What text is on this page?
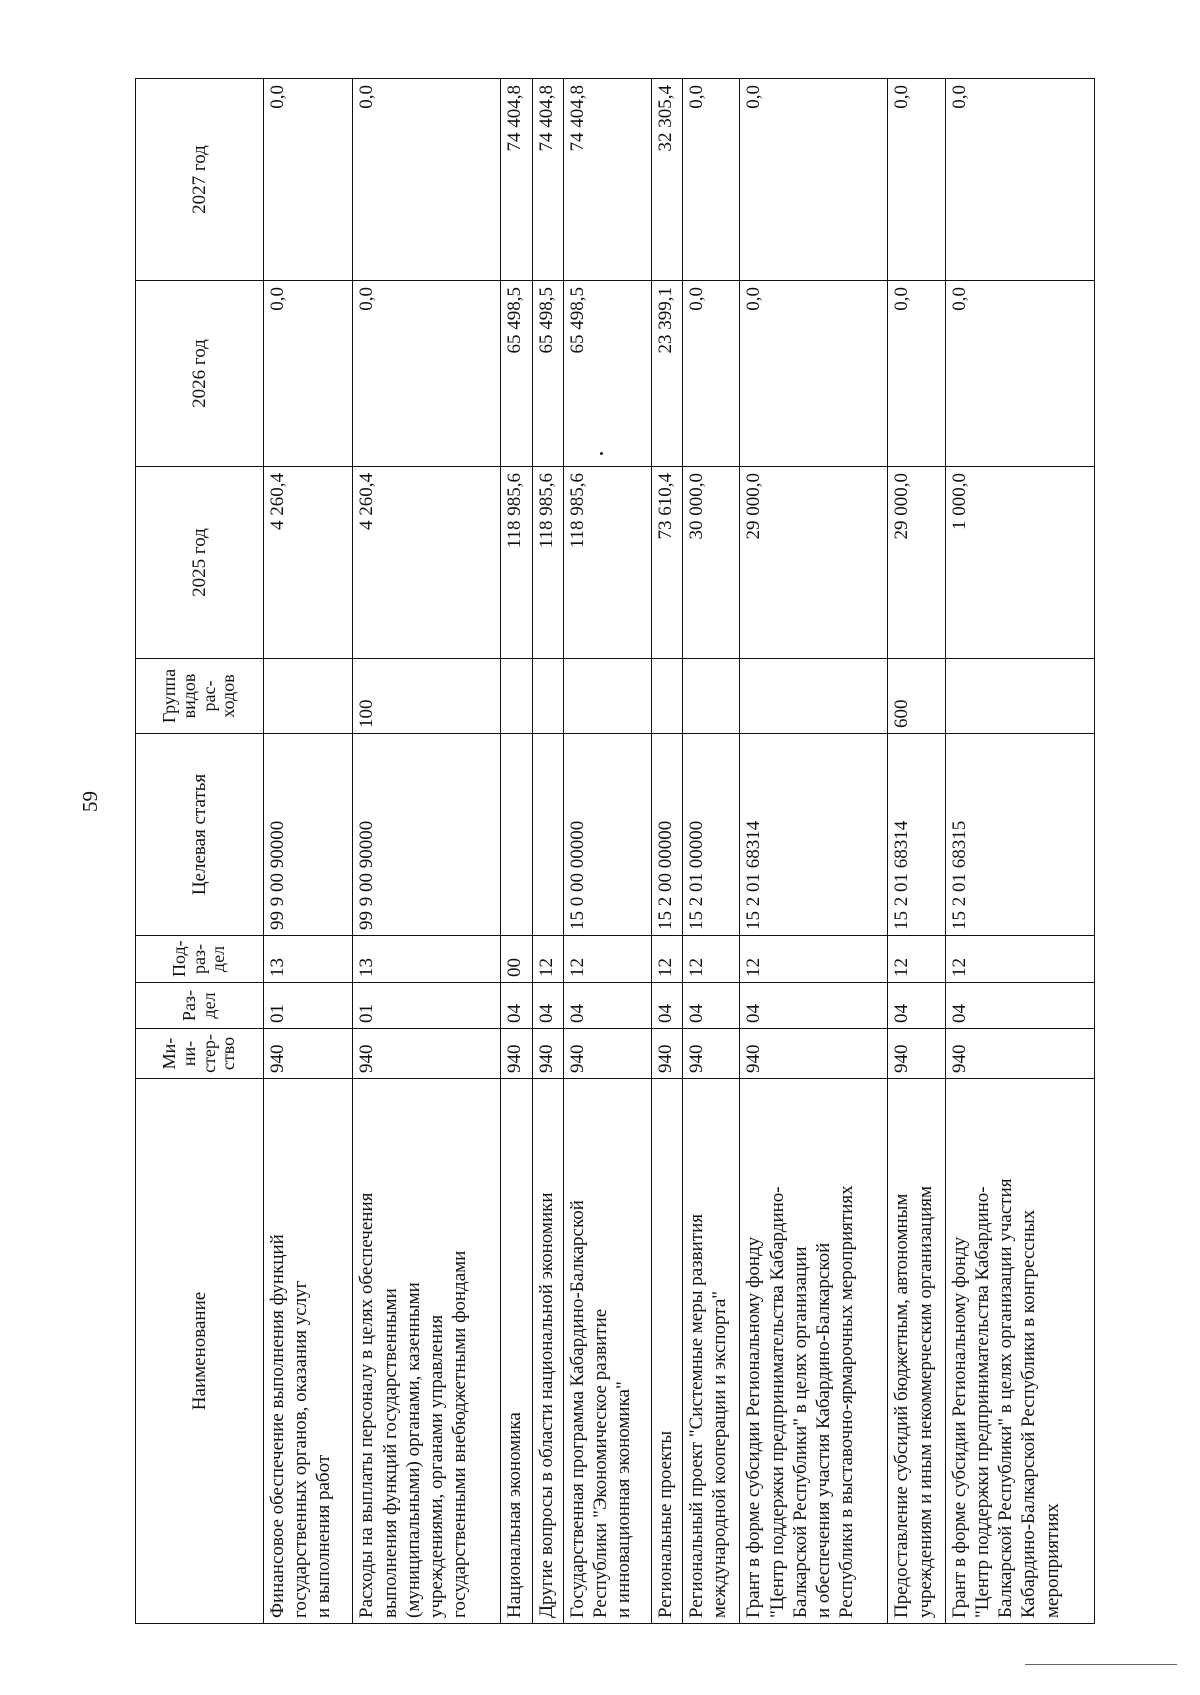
59
Наименование	Ми-
ни-
стер-
ство	Раз-
дел	Под-
раз-
дел	Целевая статья	Группа
видов
рас-
ходов	2025 год	2026 год	2027 год
Финансовое обеспечение выполнения функций
государственных органов, оказания услуг
и выполнения работ	940	01	13	99 9 00 90000		4 260,4	0,0	0,0
Расходы на выплаты персоналу в целях обеспечения
выполнения функций государственными
(муниципальными) органами, казенными
учреждениями, органами управления
государственными внебюджетными фондами	940	01	13	99 9 00 90000	100	4 260,4	0,0	0,0
Национальная экономика	940	04	00			118 985,6	65 498,5	74 404,8
Другие вопросы в области национальной экономики	940	04	12			118 985,6	65 498,5	74 404,8
Государственная программа Кабардино-Балкарской
Республики "Экономическое развитие
и инновационная экономика"	940	04	12	15 0 00 00000		118 985,6	65 498,5	74 404,8
Региональные проекты	940	04	12	15 2 00 00000		73 610,4	23 399,1	32 305,4
Региональный проект "Системные меры развития
международной кооперации и экспорта"	940	04	12	15 2 01 00000		30 000,0	0,0	0,0
Грант в форме субсидии Региональному фонду
"Центр поддержки предпринимательства Кабардино-
Балкарской Республики" в целях организации
и обеспечения участия Кабардино-Балкарской
Республики в выставочно-ярмарочных мероприятиях	940	04	12	15 2 01 68314		29 000,0	0,0	0,0
Предоставление субсидий бюджетным, автономным
учреждениям и иным некоммерческим организациям	940	04	12	15 2 01 68314	600	29 000,0	0,0	0,0
Грант в форме субсидии Региональному фонду
"Центр поддержки предпринимательства Кабардино-
Балкарской Республики" в целях организации участия
Кабардино-Балкарской Республики в конгрессных
мероприятиях	940	04	12	15 2 01 68315		1 000,0	0,0	0,0
